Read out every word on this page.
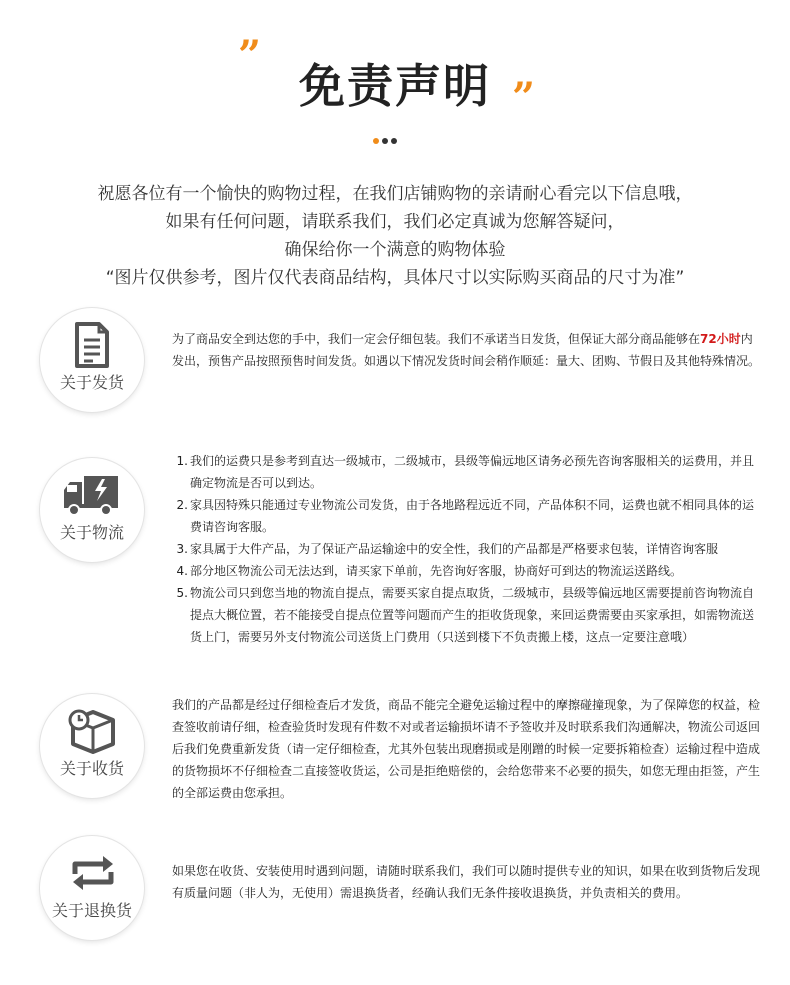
”
免责声明 ”
祝愿各位有一个愉快的购物过程，在我们店铺购物的亲请耐心看完以下信息哦，
如果有任何问题，请联系我们，我们必定真诚为您解答疑问，
确保给你一个满意的购物体验
“图片仅供参考，图片仅代表商品结构，具体尺寸以实际购买商品的尺寸为准”
关于发货
为了商品安全到达您的手中，我们一定会仔细包装。我们不承诺当日发货，但保证大部分商品能够在72小时内发出，预售产品按照预售时间发货。如遇以下情况发货时间会稍作顺延：量大、团购、节假日及其他特殊情况。
关于物流
1. 我们的运费只是参考到直达一级城市，二级城市，县级等偏远地区请务必预先咨询客服相关的运费用，并且确定物流是否可以到达。
2. 家具因特殊只能通过专业物流公司发货，由于各地路程远近不同，产品体积不同，运费也就不相同具体的运费请咨询客服。
3. 家具属于大件产品，为了保证产品运输途中的安全性，我们的产品都是严格要求包装，详情咨询客服
4. 部分地区物流公司无法达到，请买家下单前，先咨询好客服，协商好可到达的物流运送路线。
5. 物流公司只到您当地的物流自提点，需要买家自提点取货，二级城市，县级等偏远地区需要提前咨询物流自提点大概位置，若不能接受自提点位置等问题而产生的拒收货现象，来回运费需要由买家承担，如需物流送货上门，需要另外支付物流公司送货上门费用（只送到楼下不负责搬上楼，这点一定要注意哦）
关于收货
我们的产品都是经过仔细检查后才发货，商品不能完全避免运输过程中的摩擦碰撞现象，为了保障您的权益，检查签收前请仔细，检查验货时发现有件数不对或者运输损坏请不予签收并及时联系我们沟通解决，物流公司返回后我们免费重新发货（请一定仔细检查，尤其外包装出现磨损或是刚蹭的时候一定要拆箱检查）运输过程中造成的货物损坏不仔细检查二直接签收货运，公司是拒绝赔偿的，会给您带来不必要的损失，如您无理由拒签，产生的全部运费由您承担。
关于退换货
如果您在收货、安装使用时遇到问题，请随时联系我们，我们可以随时提供专业的知识，如果在收到货物后发现有质量问题（非人为，无使用）需退换货者，经确认我们无条件接收退换货，并负责相关的费用。
